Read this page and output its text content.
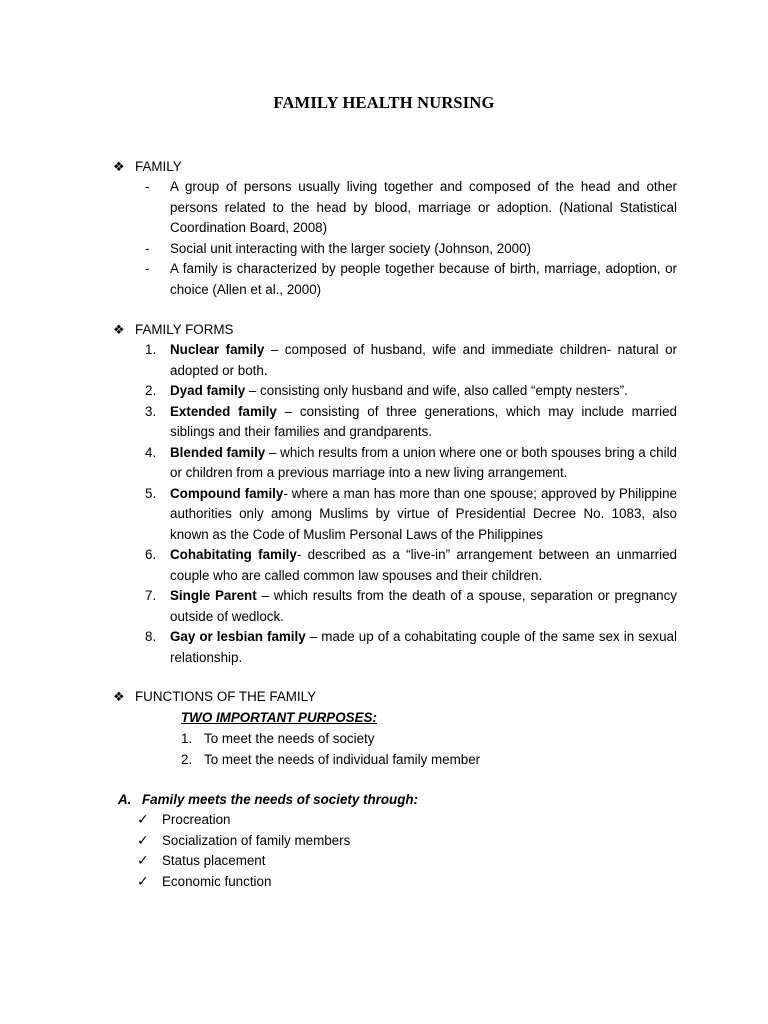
FAMILY HEALTH NURSING
❖ FAMILY
- A group of persons usually living together and composed of the head and other persons related to the head by blood, marriage or adoption. (National Statistical Coordination Board, 2008)
- Social unit interacting with the larger society (Johnson, 2000)
- A family is characterized by people together because of birth, marriage, adoption, or choice (Allen et al., 2000)
❖ FAMILY FORMS
1. Nuclear family – composed of husband, wife and immediate children- natural or adopted or both.
2. Dyad family – consisting only husband and wife, also called “empty nesters”.
3. Extended family – consisting of three generations, which may include married siblings and their families and grandparents.
4. Blended family – which results from a union where one or both spouses bring a child or children from a previous marriage into a new living arrangement.
5. Compound family- where a man has more than one spouse; approved by Philippine authorities only among Muslims by virtue of Presidential Decree No. 1083, also known as the Code of Muslim Personal Laws of the Philippines
6. Cohabitating family- described as a “live-in” arrangement between an unmarried couple who are called common law spouses and their children.
7. Single Parent – which results from the death of a spouse, separation or pregnancy outside of wedlock.
8. Gay or lesbian family – made up of a cohabitating couple of the same sex in sexual relationship.
❖ FUNCTIONS OF THE FAMILY
TWO IMPORTANT PURPOSES:
1. To meet the needs of society
2. To meet the needs of individual family member
A. Family meets the needs of society through:
✓ Procreation
✓ Socialization of family members
✓ Status placement
✓ Economic function
